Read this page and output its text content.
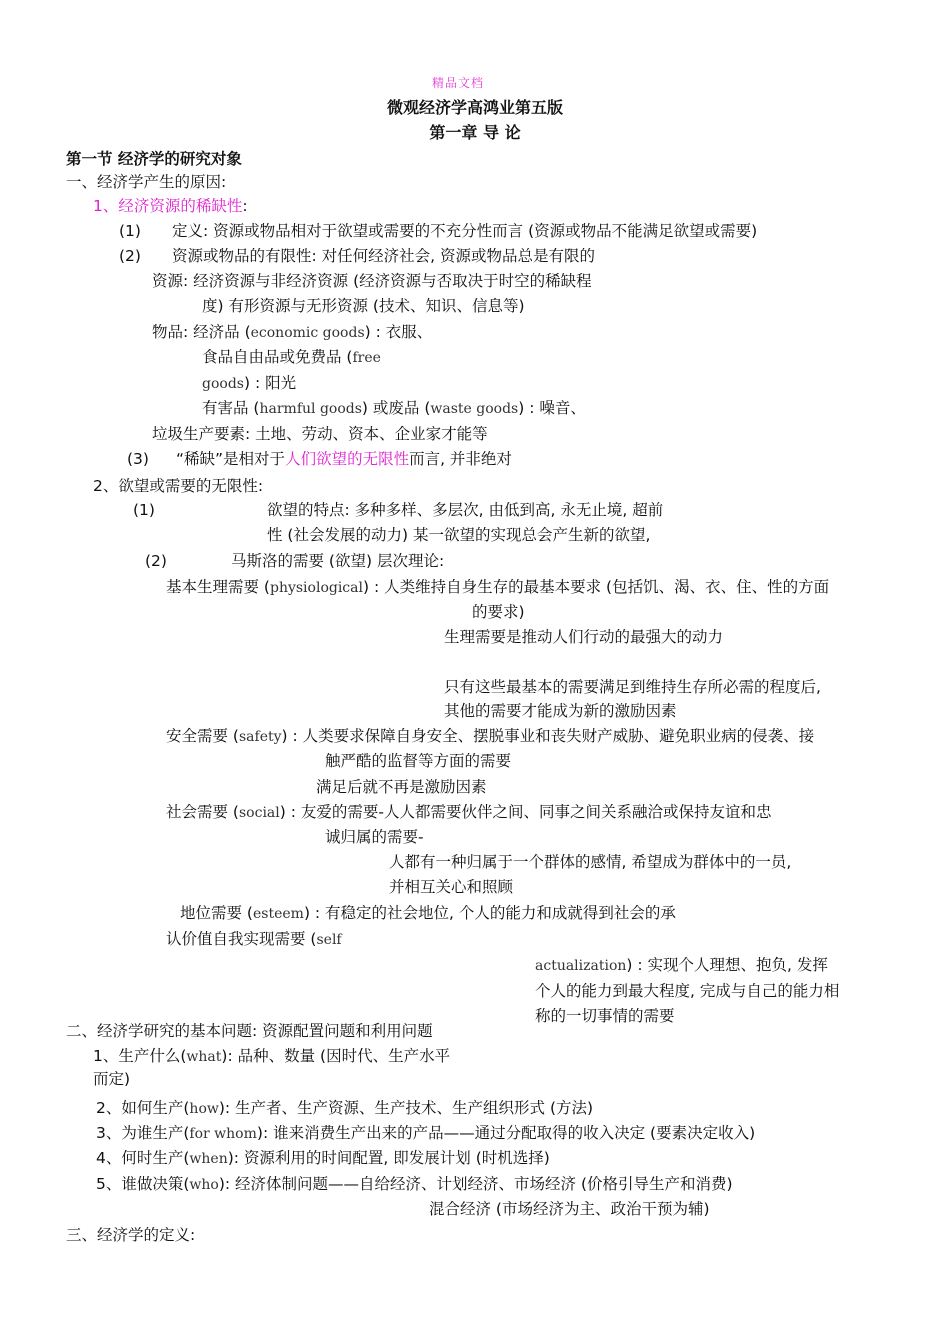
精品文档
微观经济学高鸿业第五版
第一章 导 论
第一节 经济学的研究对象
一、经济学产生的原因:
1、经济资源的稀缺性:
(1) 定义: 资源或物品相对于欲望或需要的不充分性而言 (资源或物品不能满足欲望或需要)
(2) 资源或物品的有限性: 对任何经济社会, 资源或物品总是有限的
资源: 经济资源与非经济资源 (经济资源与否取决于时空的稀缺程
度) 有形资源与无形资源 (技术、知识、信息等)
物品: 经济品 (economic goods) : 衣服、
食品自由品或免费品 (free
goods) : 阳光
有害品 (harmful goods) 或废品 (waste goods) : 噪音、
垃圾生产要素: 土地、劳动、资本、企业家才能等
(3) “稀缺”是相对于人们欲望的无限性而言, 并非绝对
2、欲望或需要的无限性:
(1)	欲望的特点: 多种多样、多层次, 由低到高, 永无止境, 超前
性 (社会发展的动力) 某一欲望的实现总会产生新的欲望,
(2)	马斯洛的需要 (欲望) 层次理论:
基本生理需要 (physiological) : 人类维持自身生存的最基本要求 (包括饥、渴、衣、住、性的方面
的要求)
生理需要是推动人们行动的最强大的动力
只有这些最基本的需要满足到维持生存所必需的程度后,
其他的需要才能成为新的激励因素
安全需要 (safety) : 人类要求保障自身安全、摆脱事业和丧失财产威胁、避免职业病的侵袭、接
触严酷的监督等方面的需要
满足后就不再是激励因素
社会需要 (social) : 友爱的需要-人人都需要伙伴之间、同事之间关系融洽或保持友谊和忠
诚归属的需要-
人都有一种归属于一个群体的感情, 希望成为群体中的一员,
并相互关心和照顾
地位需要 (esteem) : 有稳定的社会地位, 个人的能力和成就得到社会的承
认价值自我实现需要 (self
actualization) : 实现个人理想、抱负, 发挥
个人的能力到最大程度, 完成与自己的能力相
称的一切事情的需要
二、经济学研究的基本问题: 资源配置问题和利用问题
1、生产什么(what): 品种、数量 (因时代、生产水平
而定)
2、如何生产(how): 生产者、生产资源、生产技术、生产组织形式 (方法)
3、为谁生产(for whom): 谁来消费生产出来的产品——通过分配取得的收入决定 (要素决定收入)
4、何时生产(when): 资源利用的时间配置, 即发展计划 (时机选择)
5、谁做决策(who): 经济体制问题——自给经济、计划经济、市场经济 (价格引导生产和消费)
混合经济 (市场经济为主、政治干预为辅)
三、经济学的定义:
